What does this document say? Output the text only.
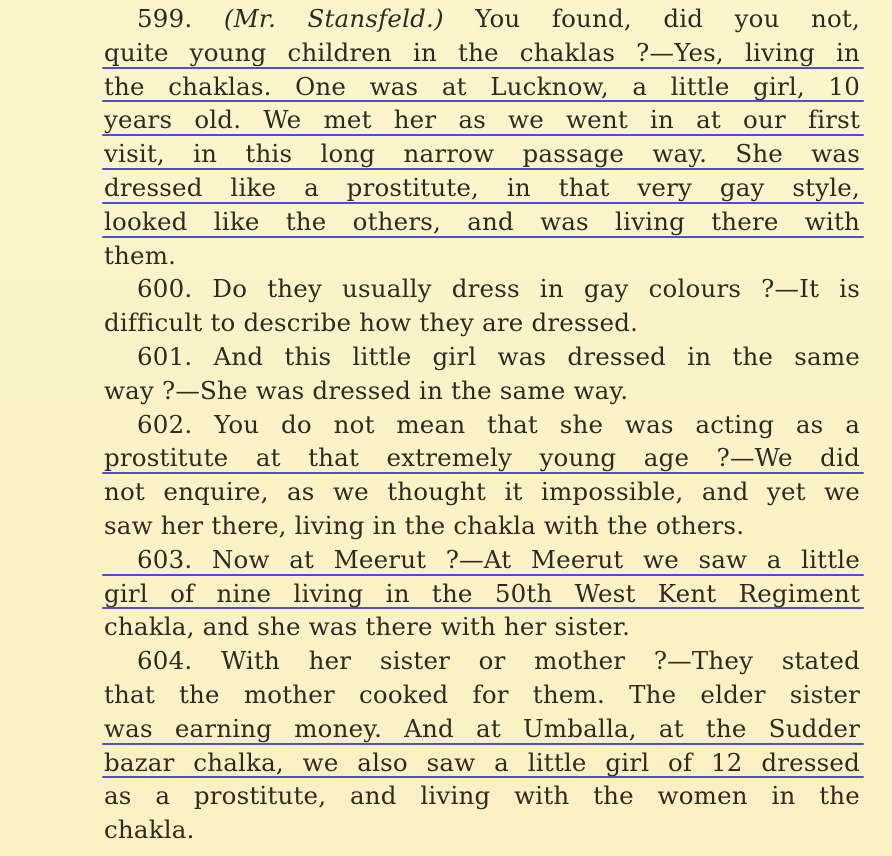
599. (Mr. Stansfeld.) You found, did you not,
quite young children in the chaklas ?—Yes, living in
the chaklas. One was at Lucknow, a little girl, 10
years old. We met her as we went in at our first
visit, in this long narrow passage way. She was
dressed like a prostitute, in that very gay style,
looked like the others, and was living there with
them.
600. Do they usually dress in gay colours ?—It is
difficult to describe how they are dressed.
601. And this little girl was dressed in the same
way ?—She was dressed in the same way.
602. You do not mean that she was acting as a
prostitute at that extremely young age ?—We did
not enquire, as we thought it impossible, and yet we
saw her there, living in the chakla with the others.
603. Now at Meerut ?—At Meerut we saw a little
girl of nine living in the 50th West Kent Regiment
chakla, and she was there with her sister.
604. With her sister or mother ?—They stated
that the mother cooked for them. The elder sister
was earning money. And at Umballa, at the Sudder
bazar chalka, we also saw a little girl of 12 dressed
as a prostitute, and living with the women in the
chakla.
